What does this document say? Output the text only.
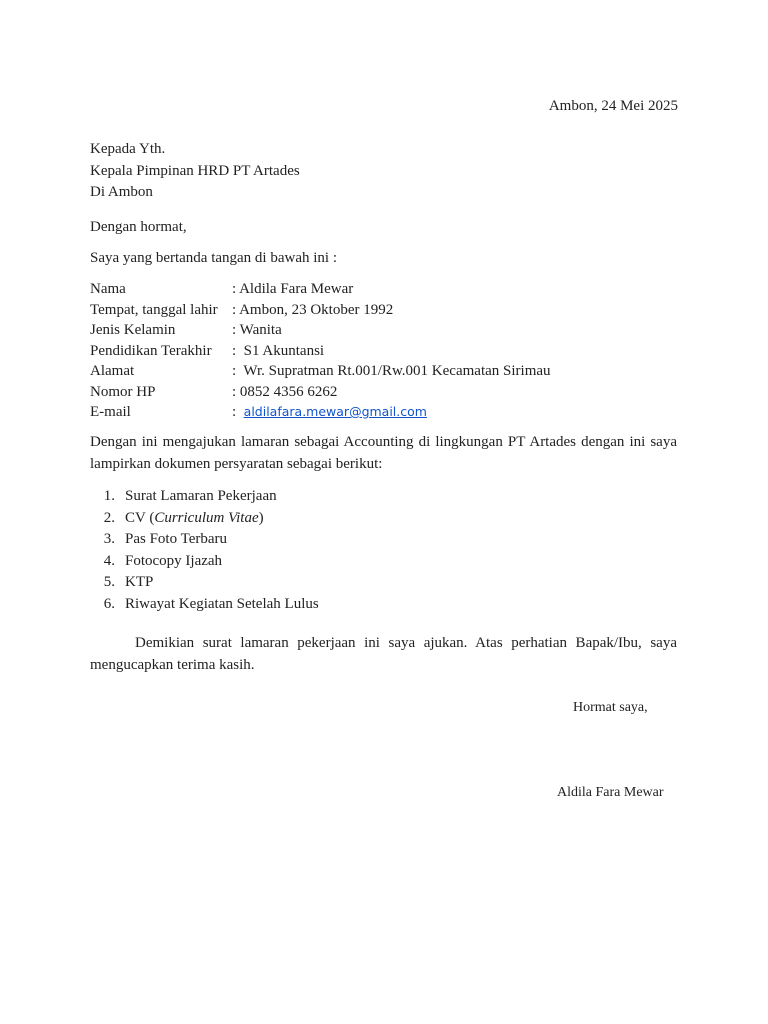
Ambon, 24 Mei 2025
Kepada Yth.
Kepala Pimpinan HRD PT Artades
Di Ambon
Dengan hormat,
Saya yang bertanda tangan di bawah ini :
Nama	: Aldila Fara Mewar
Tempat, tanggal lahir : Ambon, 23 Oktober 1992
Jenis Kelamin	: Wanita
Pendidikan Terakhir	:  S1 Akuntansi
Alamat	:  Wr. Supratman Rt.001/Rw.001 Kecamatan Sirimau
Nomor HP	: 0852 4356 6262
E-mail	: aldilafara.mewar@gmail.com
Dengan ini mengajukan lamaran sebagai Accounting di lingkungan PT Artades dengan ini saya lampirkan dokumen persyaratan sebagai berikut:
1. Surat Lamaran Pekerjaan
2. CV (Curriculum Vitae)
3. Pas Foto Terbaru
4. Fotocopy Ijazah
5. KTP
6. Riwayat Kegiatan Setelah Lulus
Demikian surat lamaran pekerjaan ini saya ajukan. Atas perhatian Bapak/Ibu, saya mengucapkan terima kasih.
Hormat saya,
Aldila Fara Mewar
